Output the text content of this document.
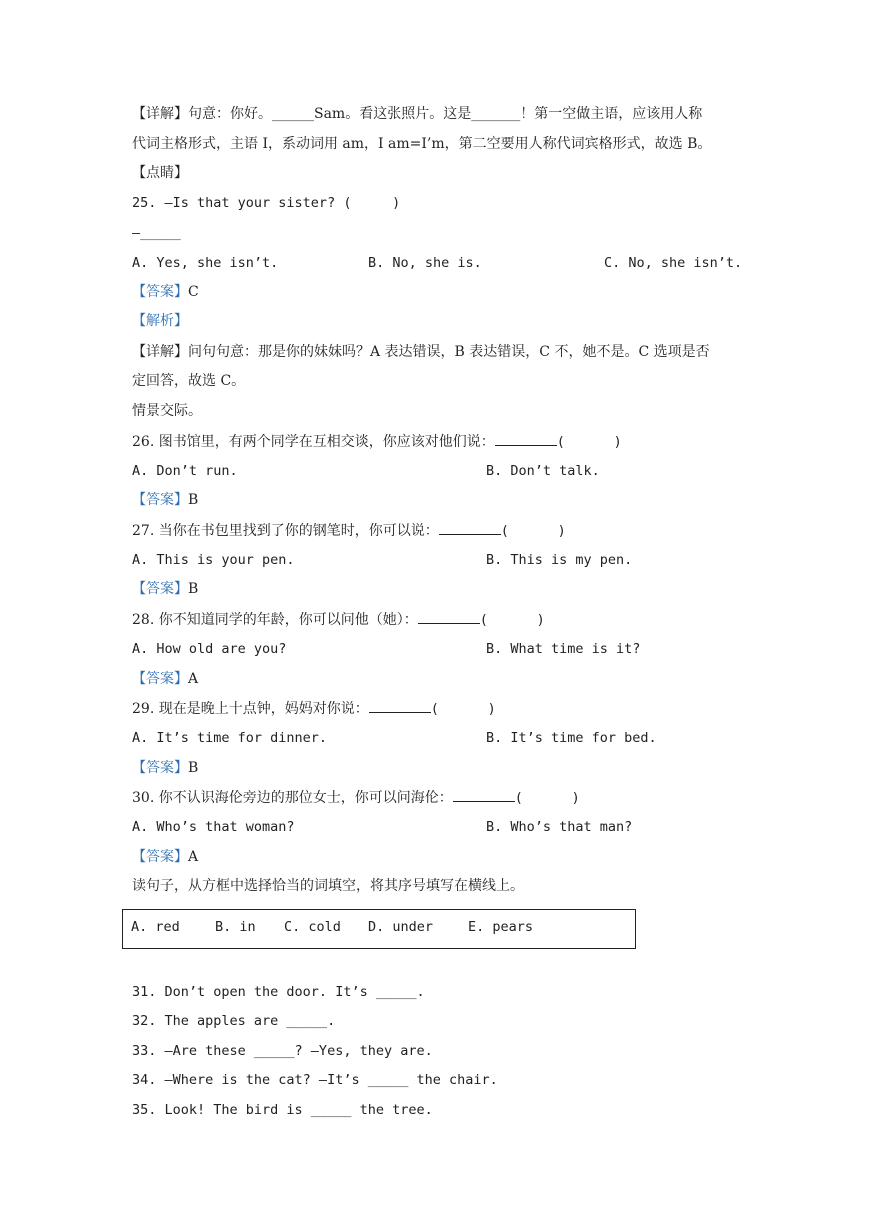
【详解】句意：你好。______Sam。看这张照片。这是_______！第一空做主语，应该用人称
代词主格形式，主语 I，系动词用 am，I am=I’m，第二空要用人称代词宾格形式，故选 B。
【点睛】
25. —Is that your sister? (     )
—_____

A. Yes, she isn’t.

	B. No, she is.

	C. No, she isn’t.

【答案】C
【解析】
【详解】问句句意：那是你的妹妹吗？A 表达错误，B 表达错误，C 不，她不是。C 选项是否
定回答，故选 C。
情景交际。
26. 图书馆里，有两个同学在互相交谈，你应该对他们说：	(      )

A. Don’t run.

	B. Don’t talk.

【答案】B
27. 当你在书包里找到了你的钢笔时，你可以说：	(      )

A. This is your pen.

	B. This is my pen.

【答案】B
28. 你不知道同学的年龄，你可以问他（她）：	(      )

A. How old are you?

	B. What time is it?

【答案】A
29. 现在是晚上十点钟，妈妈对你说：	(      )

A. It’s time for dinner.

	B. It’s time for bed.

【答案】B
30. 你不认识海伦旁边的那位女士，你可以问海伦：	(      )

A. Who’s that woman?

	B. Who’s that man?

【答案】A
读句子，从方框中选择恰当的词填空，将其序号填写在横线上。
A. red	B. in C. cold D. under	E. pears
31. Don’t open the door. It’s _____.
32. The apples are _____.
33. —Are these _____? —Yes, they are.
34. —Where is the cat? —It’s _____ the chair.
35. Look! The bird is _____ the tree.
